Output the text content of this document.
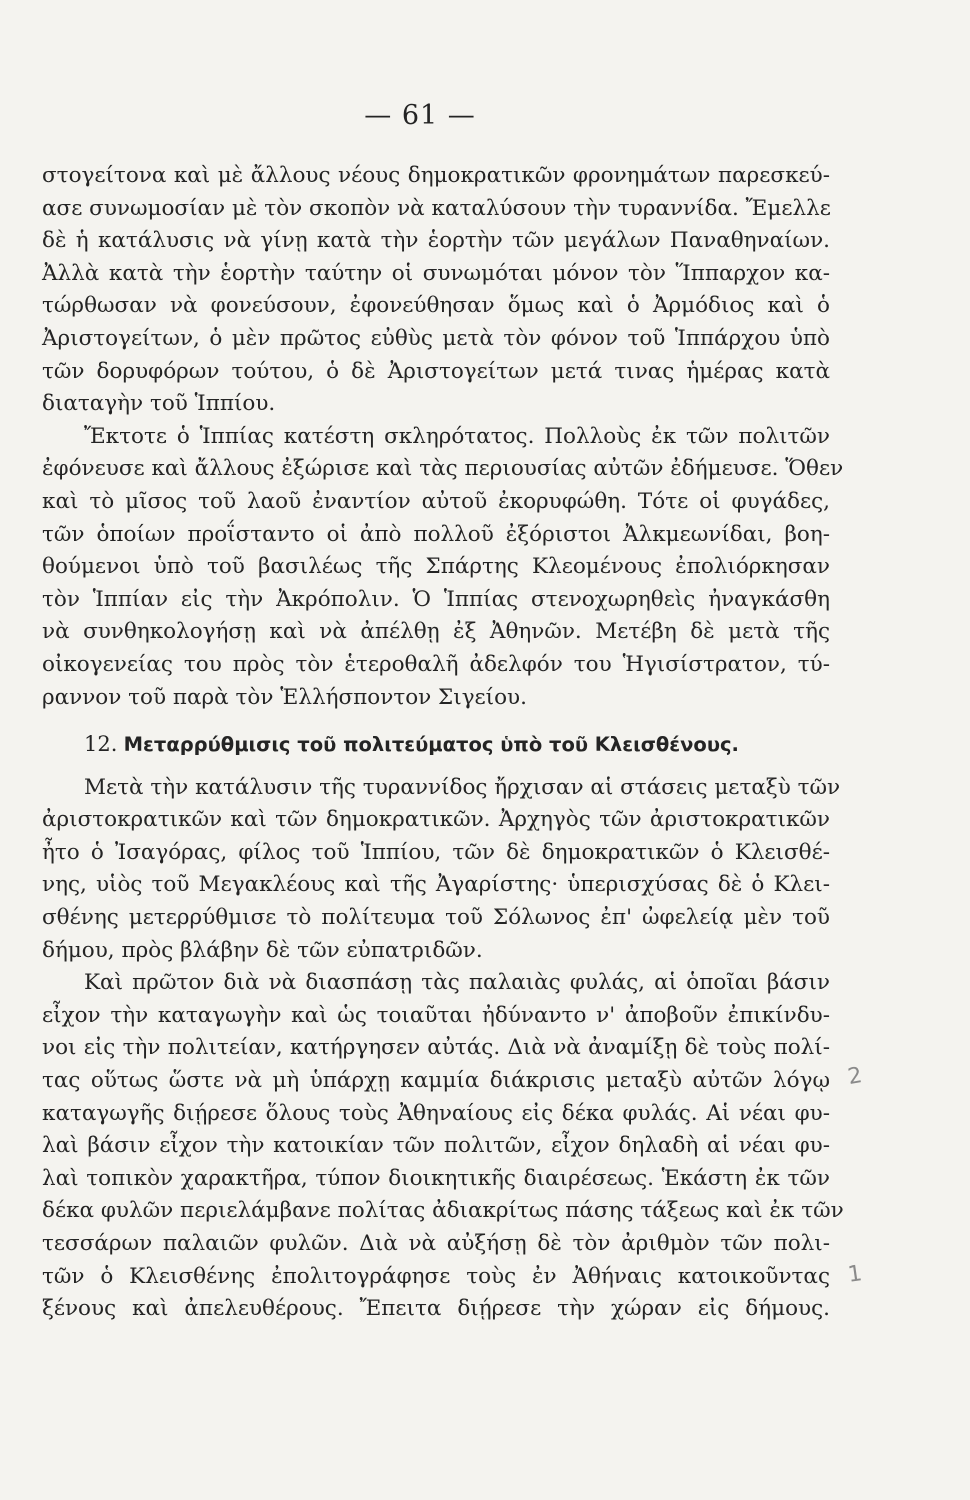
— 61 —
στογείτονα καὶ μὲ ἄλλους νέους δημοκρατικῶν φρονημάτων παρεσκεύ-
ασε συνωμοσίαν μὲ τὸν σκοπὸν νὰ καταλύσουν τὴν τυραννίδα. Ἔμελλε
δὲ ἡ κατάλυσις νὰ γίνῃ κατὰ τὴν ἑορτὴν τῶν μεγάλων Παναθηναίων.
Ἀλλὰ κατὰ τὴν ἑορτὴν ταύτην οἱ συνωμόται μόνον τὸν Ἵππαρχον κα-
τώρθωσαν νὰ φονεύσουν, ἐφονεύθησαν ὅμως καὶ ὁ Ἀρμόδιος καὶ ὁ
Ἀριστογείτων, ὁ μὲν πρῶτος εὐθὺς μετὰ τὸν φόνον τοῦ Ἱππάρχου ὑπὸ
τῶν δορυφόρων τούτου, ὁ δὲ Ἀριστογείτων μετά τινας ἡμέρας κατὰ
διαταγὴν τοῦ Ἱππίου.
Ἔκτοτε ὁ Ἱππίας κατέστη σκληρότατος. Πολλοὺς ἐκ τῶν πολιτῶν
ἐφόνευσε καὶ ἄλλους ἐξώρισε καὶ τὰς περιουσίας αὐτῶν ἐδήμευσε. Ὅθεν
καὶ τὸ μῖσος τοῦ λαοῦ ἐναντίον αὐτοῦ ἐκορυφώθη. Τότε οἱ φυγάδες,
τῶν ὁποίων προΐσταντο οἱ ἀπὸ πολλοῦ ἐξόριστοι Ἀλκμεωνίδαι, βοη-
θούμενοι ὑπὸ τοῦ βασιλέως τῆς Σπάρτης Κλεομένους ἐπολιόρκησαν
τὸν Ἱππίαν εἰς τὴν Ἀκρόπολιν. Ὁ Ἱππίας στενοχωρηθεὶς ἠναγκάσθη
νὰ συνθηκολογήσῃ καὶ νὰ ἀπέλθῃ ἐξ Ἀθηνῶν. Μετέβη δὲ μετὰ τῆς
οἰκογενείας του πρὸς τὸν ἑτεροθαλῆ ἀδελφόν του Ἡγισίστρατον, τύ-
ραννον τοῦ παρὰ τὸν Ἑλλήσποντον Σιγείου.
12. Μεταρρύθμισις τοῦ πολιτεύματος ὑπὸ τοῦ Κλεισθένους.
Μετὰ τὴν κατάλυσιν τῆς τυραννίδος ἤρχισαν αἱ στάσεις μεταξὺ τῶν
ἀριστοκρατικῶν καὶ τῶν δημοκρατικῶν. Ἀρχηγὸς τῶν ἀριστοκρατικῶν
ἦτο ὁ Ἰσαγόρας, φίλος τοῦ Ἱππίου, τῶν δὲ δημοκρατικῶν ὁ Κλεισθέ-
νης, υἱὸς τοῦ Μεγακλέους καὶ τῆς Ἀγαρίστης· ὑπερισχύσας δὲ ὁ Κλει-
σθένης μετερρύθμισε τὸ πολίτευμα τοῦ Σόλωνος ἐπ' ὠφελείᾳ μὲν τοῦ
δήμου, πρὸς βλάβην δὲ τῶν εὐπατριδῶν.
Καὶ πρῶτον διὰ νὰ διασπάσῃ τὰς παλαιὰς φυλάς, αἱ ὁποῖαι βάσιν
εἶχον τὴν καταγωγὴν καὶ ὡς τοιαῦται ἠδύναντο ν' ἀποβοῦν ἐπικίνδυ-
νοι εἰς τὴν πολιτείαν, κατήργησεν αὐτάς. Διὰ νὰ ἀναμίξῃ δὲ τοὺς πολί-
τας οὕτως ὥστε νὰ μὴ ὑπάρχῃ καμμία διάκρισις μεταξὺ αὐτῶν λόγῳ
καταγωγῆς διῄρεσε ὅλους τοὺς Ἀθηναίους εἰς δέκα φυλάς. Αἱ νέαι φυ-
λαὶ βάσιν εἶχον τὴν κατοικίαν τῶν πολιτῶν, εἶχον δηλαδὴ αἱ νέαι φυ-
λαὶ τοπικὸν χαρακτῆρα, τύπον διοικητικῆς διαιρέσεως. Ἑκάστη ἐκ τῶν
δέκα φυλῶν περιελάμβανε πολίτας ἀδιακρίτως πάσης τάξεως καὶ ἐκ τῶν
τεσσάρων παλαιῶν φυλῶν. Διὰ νὰ αὐξήσῃ δὲ τὸν ἀριθμὸν τῶν πολι-
τῶν ὁ Κλεισθένης ἐπολιτογράφησε τοὺς ἐν Ἀθήναις κατοικοῦντας
ξένους καὶ ἀπελευθέρους. Ἔπειτα διῄρεσε τὴν χώραν εἰς δήμους.
2
1
